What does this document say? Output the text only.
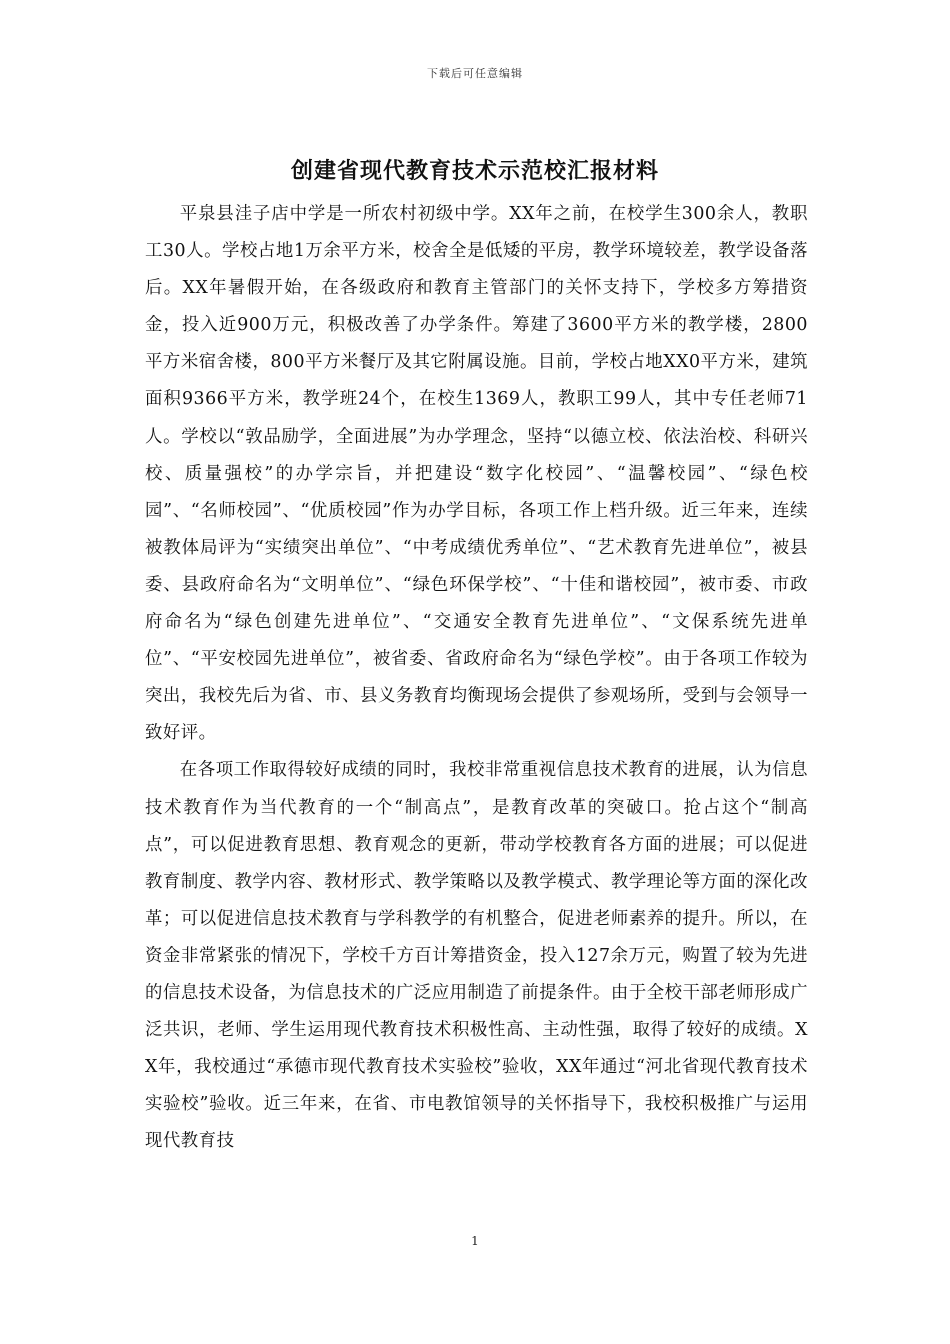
下载后可任意编辑
创建省现代教育技术示范校汇报材料

平泉县洼子店中学是一所农村初级中学。XX年之前，在校学生300余人，教职工30人。学校占地1万余平方米，校舍全是低矮的平房，教学环境较差，教学设备落后。XX年暑假开始，在各级政府和教育主管部门的关怀支持下，学校多方筹措资金，投入近900万元，积极改善了办学条件。筹建了3600平方米的教学楼，2800平方米宿舍楼，800平方米餐厅及其它附属设施。目前，学校占地XX0平方米，建筑面积9366平方米，教学班24个，在校生1369人，教职工99人，其中专任老师71人。学校以“敦品励学，全面进展”为办学理念，坚持“以德立校、依法治校、科研兴校、质量强校”的办学宗旨，并把建设“数字化校园”、“温馨校园”、“绿色校园”、“名师校园”、“优质校园”作为办学目标，各项工作上档升级。近三年来，连续被教体局评为“实绩突出单位”、“中考成绩优秀单位”、“艺术教育先进单位”，被县委、县政府命名为“文明单位”、“绿色环保学校”、“十佳和谐校园”，被市委、市政府命名为“绿色创建先进单位”、“交通安全教育先进单位”、“文保系统先进单位”、“平安校园先进单位”，被省委、省政府命名为“绿色学校”。由于各项工作较为突出，我校先后为省、市、县义务教育均衡现场会提供了参观场所，受到与会领导一致好评。

在各项工作取得较好成绩的同时，我校非常重视信息技术教育的进展，认为信息技术教育作为当代教育的一个“制高点”，是教育改革的突破口。抢占这个“制高点”，可以促进教育思想、教育观念的更新，带动学校教育各方面的进展；可以促进教育制度、教学内容、教材形式、教学策略以及教学模式、教学理论等方面的深化改革；可以促进信息技术教育与学科教学的有机整合，促进老师素养的提升。所以，在资金非常紧张的情况下，学校千方百计筹措资金，投入127余万元，购置了较为先进的信息技术设备，为信息技术的广泛应用制造了前提条件。由于全校干部老师形成广泛共识，老师、学生运用现代教育技术积极性高、主动性强，取得了较好的成绩。XX年，我校通过“承德市现代教育技术实验校”验收，XX年通过“河北省现代教育技术实验校”验收。近三年来，在省、市电教馆领导的关怀指导下，我校积极推广与运用现代教育技

1
